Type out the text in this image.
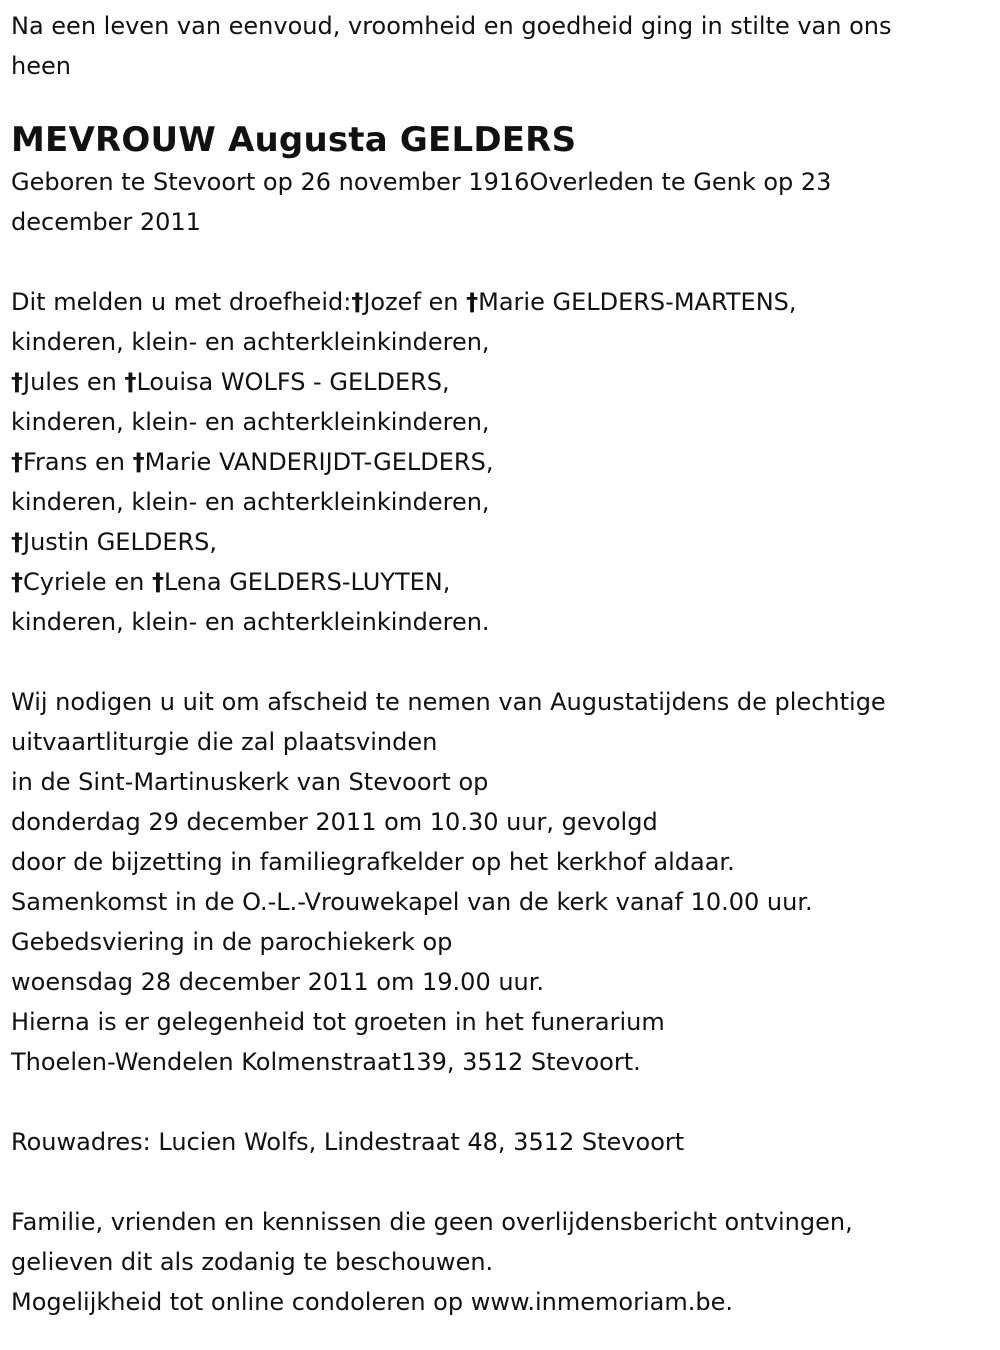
Na een leven van eenvoud, vroomheid en goedheid ging in stilte van ons
heen
MEVROUW Augusta GELDERS
Geboren te Stevoort op 26 november 1916Overleden te Genk op 23
december 2011
Dit melden u met droefheid:†Jozef en †Marie GELDERS-MARTENS,
kinderen, klein- en achterkleinkinderen,
†Jules en †Louisa WOLFS - GELDERS,
kinderen, klein- en achterkleinkinderen,
†Frans en †Marie VANDERIJDT-GELDERS,
kinderen, klein- en achterkleinkinderen,
†Justin GELDERS,
†Cyriele en †Lena GELDERS-LUYTEN,
kinderen, klein- en achterkleinkinderen.
Wij nodigen u uit om afscheid te nemen van Augustatijdens de plechtige
uitvaartliturgie die zal plaatsvinden
in de Sint-Martinuskerk van Stevoort op
donderdag 29 december 2011 om 10.30 uur, gevolgd
door de bijzetting in familiegrafkelder op het kerkhof aldaar.
Samenkomst in de O.-L.-Vrouwekapel van de kerk vanaf 10.00 uur.
Gebedsviering in de parochiekerk op
woensdag 28 december 2011 om 19.00 uur.
Hierna is er gelegenheid tot groeten in het funerarium
Thoelen-Wendelen Kolmenstraat139, 3512 Stevoort.
Rouwadres: Lucien Wolfs, Lindestraat 48, 3512 Stevoort
Familie, vrienden en kennissen die geen overlijdensbericht ontvingen,
gelieven dit als zodanig te beschouwen.
Mogelijkheid tot online condoleren op www.inmemoriam.be.
